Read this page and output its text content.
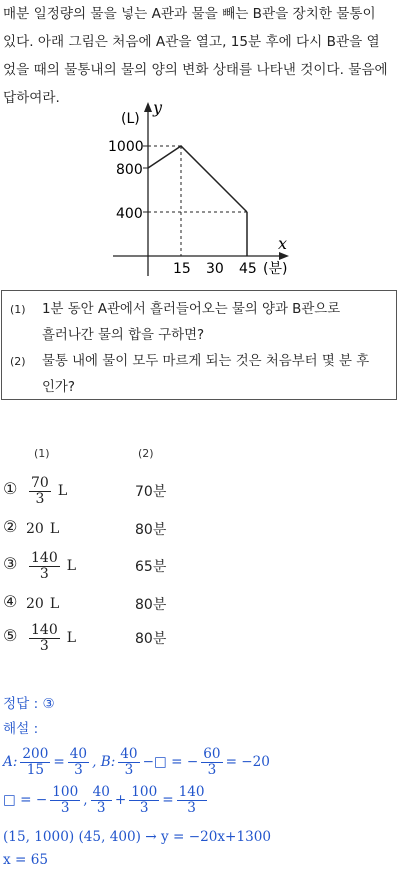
매분 일정량의 물을 넣는 A관과 물을 빼는 B관을 장치한 물통이

있다. 아래 그림은 처음에 A관을 열고, 15분 후에 다시 B관을 열

었을 때의 물통내의 물의 양의 변화 상태를 나타낸 것이다. 물음에

답하여라.

(L)
y
x
1000
800
400
15 30 45 (분)
(1)	1분 동안 A관에서 흘러들어오는 물의 양과 B관으로
흘러나간 물의 합을 구하면?
(2)	물통 내에 물이 모두 마르게 되는 것은 처음부터 몇 분 후
인가?
(1)	(2)
① $\frac{70}{3}$ L	70분
② 20 L	80분
③ $\frac{140}{3}$ L	65분
④ 20 L	80분
⑤ $\frac{140}{3}$ L	80분
정답 : ③
해설 :
A: $\frac{200}{15} = \frac{40}{3}$ , B: $\frac{40}{3}$ −□ = − $\frac{60}{3} = -20$
□ = − $\frac{100}{3}$ , $\frac{40}{3} + \frac{100}{3} = \frac{140}{3}$
(15, 1000) (45, 400) → y = −20x+1300
x = 65
